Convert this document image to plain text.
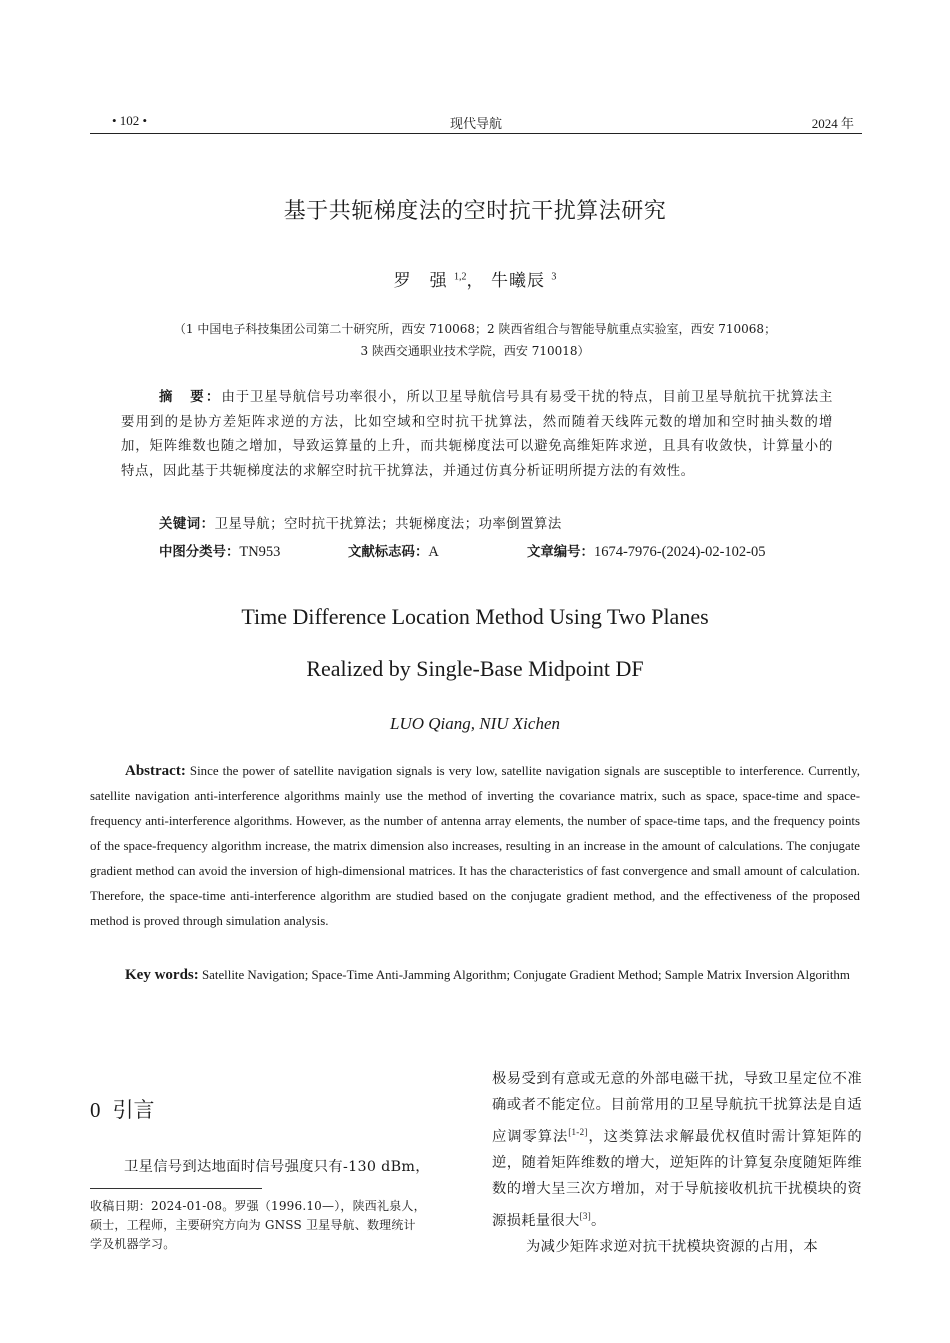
• 102 •	现代导航	2024 年
基于共轭梯度法的空时抗干扰算法研究
罗　强 $^{1,2}$， 牛曦辰 $^3$
（1 中国电子科技集团公司第二十研究所，西安 710068；2 陕西省组合与智能导航重点实验室，西安 710068；
3 陕西交通职业技术学院，西安 710018）
摘　要：由于卫星导航信号功率很小，所以卫星导航信号具有易受干扰的特点，目前卫星导航抗干扰算法主要用到的是协方差矩阵求逆的方法，比如空域和空时抗干扰算法，然而随着天线阵元数的增加和空时抽头数的增加，矩阵维数也随之增加，导致运算量的上升，而共轭梯度法可以避免高维矩阵求逆，且具有收敛快，计算量小的特点，因此基于共轭梯度法的求解空时抗干扰算法，并通过仿真分析证明所提方法的有效性。
关键词：卫星导航；空时抗干扰算法；共轭梯度法；功率倒置算法
中图分类号：TN953	文献标志码：A	文章编号：1674-7976-(2024)-02-102-05
Time Difference Location Method Using Two Planes
Realized by Single-Base Midpoint DF
LUO Qiang, NIU Xichen
Abstract: Since the power of satellite navigation signals is very low, satellite navigation signals are susceptible to interference. Currently, satellite navigation anti-interference algorithms mainly use the method of inverting the covariance matrix, such as space, space-time and space-frequency anti-interference algorithms. However, as the number of antenna array elements, the number of space-time taps, and the frequency points of the space-frequency algorithm increase, the matrix dimension also increases, resulting in an increase in the amount of calculations. The conjugate gradient method can avoid the inversion of high-dimensional matrices. It has the characteristics of fast convergence and small amount of calculation. Therefore, the space-time anti-interference algorithm are studied based on the conjugate gradient method, and the effectiveness of the proposed method is proved through simulation analysis.
Key words: Satellite Navigation; Space-Time Anti-Jamming Algorithm; Conjugate Gradient Method; Sample Matrix Inversion Algorithm
0 引言
卫星信号到达地面时信号强度只有-130 dBm，
收稿日期：2024-01-08。罗强（1996.10—），陕西礼泉人，
硕士，工程师，主要研究方向为 GNSS 卫星导航、数理统计
学及机器学习。

极易受到有意或无意的外部电磁干扰，导致卫星定位不准确或者不能定位。目前常用的卫星导航抗干扰算法是自适应调零算法[1-2]，这类算法求解最优权值时需计算矩阵的逆，随着矩阵维数的增大，逆矩阵的计算复杂度随矩阵维数的增大呈三次方增加，对于导航接收机抗干扰模块的资源损耗量很大[3]。

为减少矩阵求逆对抗干扰模块资源的占用，本
